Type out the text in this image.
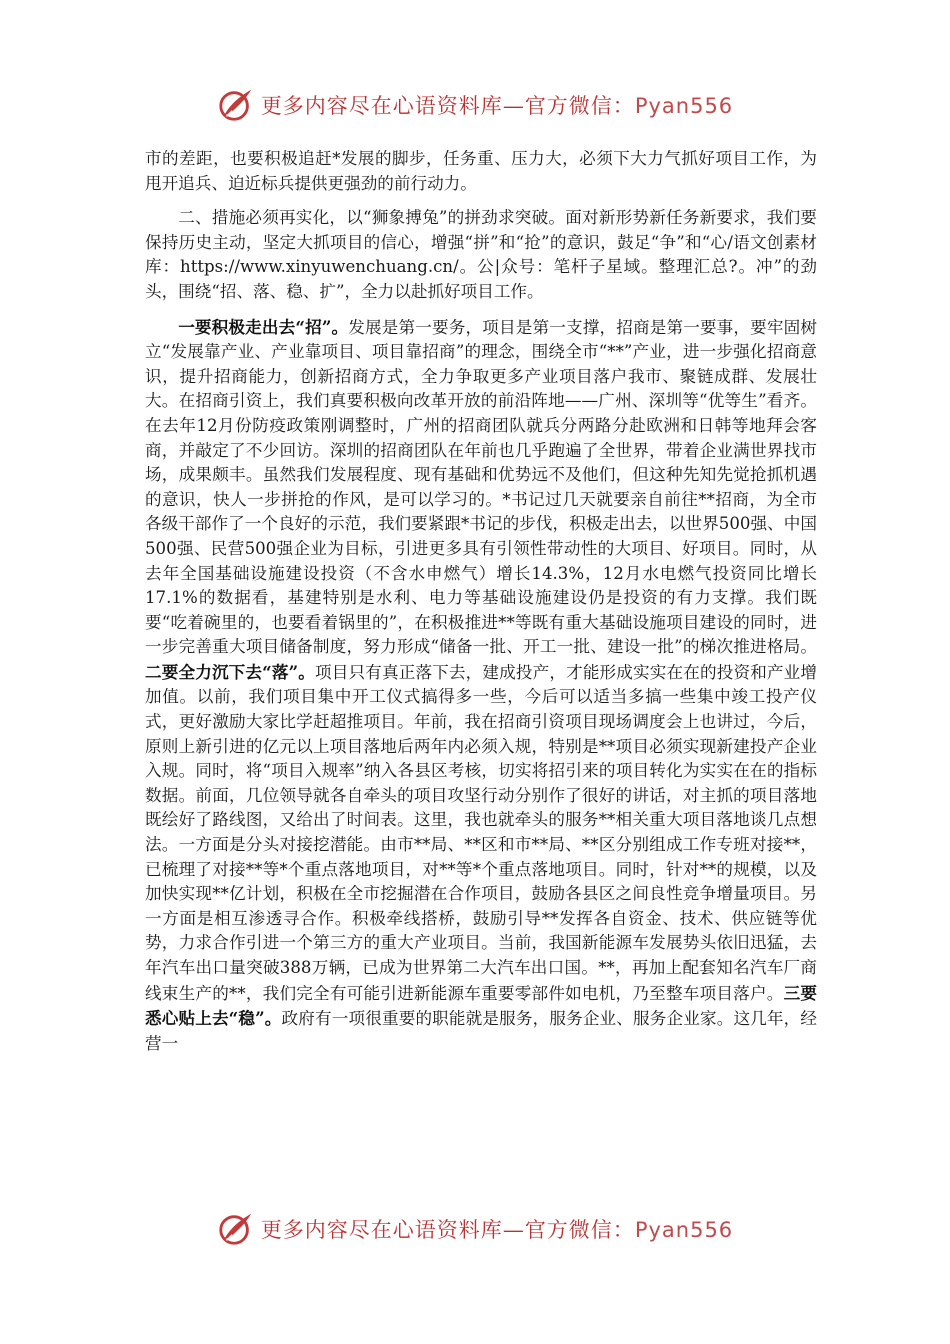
更多内容尽在心语资料库—官方微信：Pyan556

市的差距，也要积极追赶*发展的脚步，任务重、压力大，必须下大力气抓好项目工作，为甩开追兵、迫近标兵提供更强劲的前行动力。

二、措施必须再实化，以“狮象搏兔”的拼劲求突破。面对新形势新任务新要求，我们要保持历史主动，坚定大抓项目的信心，增强“拼”和“抢”的意识，鼓足“争”和“心/语文创素材库：https://www.xinyuwenchuang.cn/。公|众号：笔杆子星域。整理汇总?。冲”的劲头，围绕“招、落、稳、扩”，全力以赴抓好项目工作。

一要积极走出去“招”。发展是第一要务，项目是第一支撑，招商是第一要事，要牢固树立“发展靠产业、产业靠项目、项目靠招商”的理念，围绕全市“**”产业，进一步强化招商意识，提升招商能力，创新招商方式，全力争取更多产业项目落户我市、聚链成群、发展壮大。在招商引资上，我们真要积极向改革开放的前沿阵地——广州、深圳等“优等生”看齐。在去年12月份防疫政策刚调整时，广州的招商团队就兵分两路分赴欧洲和日韩等地拜会客商，并敲定了不少回访。深圳的招商团队在年前也几乎跑遍了全世界，带着企业满世界找市场，成果颇丰。虽然我们发展程度、现有基础和优势远不及他们，但这种先知先觉抢抓机遇的意识，快人一步拼抢的作风，是可以学习的。*书记过几天就要亲自前往**招商，为全市各级干部作了一个良好的示范，我们要紧跟*书记的步伐，积极走出去，以世界500强、中国500强、民营500强企业为目标，引进更多具有引领性带动性的大项目、好项目。同时，从去年全国基础设施建设投资（不含水申燃气）增长14.3%，12月水电燃气投资同比增长17.1%的数据看，基建特别是水利、电力等基础设施建设仍是投资的有力支撑。我们既要“吃着碗里的，也要看着锅里的”，在积极推进**等既有重大基础设施项目建设的同时，进一步完善重大项目储备制度，努力形成“储备一批、开工一批、建设一批”的梯次推进格局。二要全力沉下去“落”。项目只有真正落下去，建成投产，才能形成实实在在的投资和产业增加值。以前，我们项目集中开工仪式搞得多一些，今后可以适当多搞一些集中竣工投产仪式，更好激励大家比学赶超推项目。年前，我在招商引资项目现场调度会上也讲过，今后，原则上新引进的亿元以上项目落地后两年内必须入规，特别是**项目必须实现新建投产企业入规。同时，将“项目入规率”纳入各县区考核，切实将招引来的项目转化为实实在在的指标数据。前面，几位领导就各自牵头的项目攻坚行动分别作了很好的讲话，对主抓的项目落地既绘好了路线图，又给出了时间表。这里，我也就牵头的服务**相关重大项目落地谈几点想法。一方面是分头对接挖潜能。由市**局、**区和市**局、**区分别组成工作专班对接**，已梳理了对接**等*个重点落地项目，对**等*个重点落地项目。同时，针对**的规模，以及加快实现**亿计划，积极在全市挖掘潜在合作项目，鼓励各县区之间良性竞争增量项目。另一方面是相互渗透寻合作。积极牵线搭桥，鼓励引导**发挥各自资金、技术、供应链等优势，力求合作引进一个第三方的重大产业项目。当前，我国新能源车发展势头依旧迅猛，去年汽车出口量突破388万辆，已成为世界第二大汽车出口国。**，再加上配套知名汽车厂商线束生产的**，我们完全有可能引进新能源车重要零部件如电机，乃至整车项目落户。三要悉心贴上去“稳”。政府有一项很重要的职能就是服务，服务企业、服务企业家。这几年，经营一

更多内容尽在心语资料库—官方微信：Pyan556
